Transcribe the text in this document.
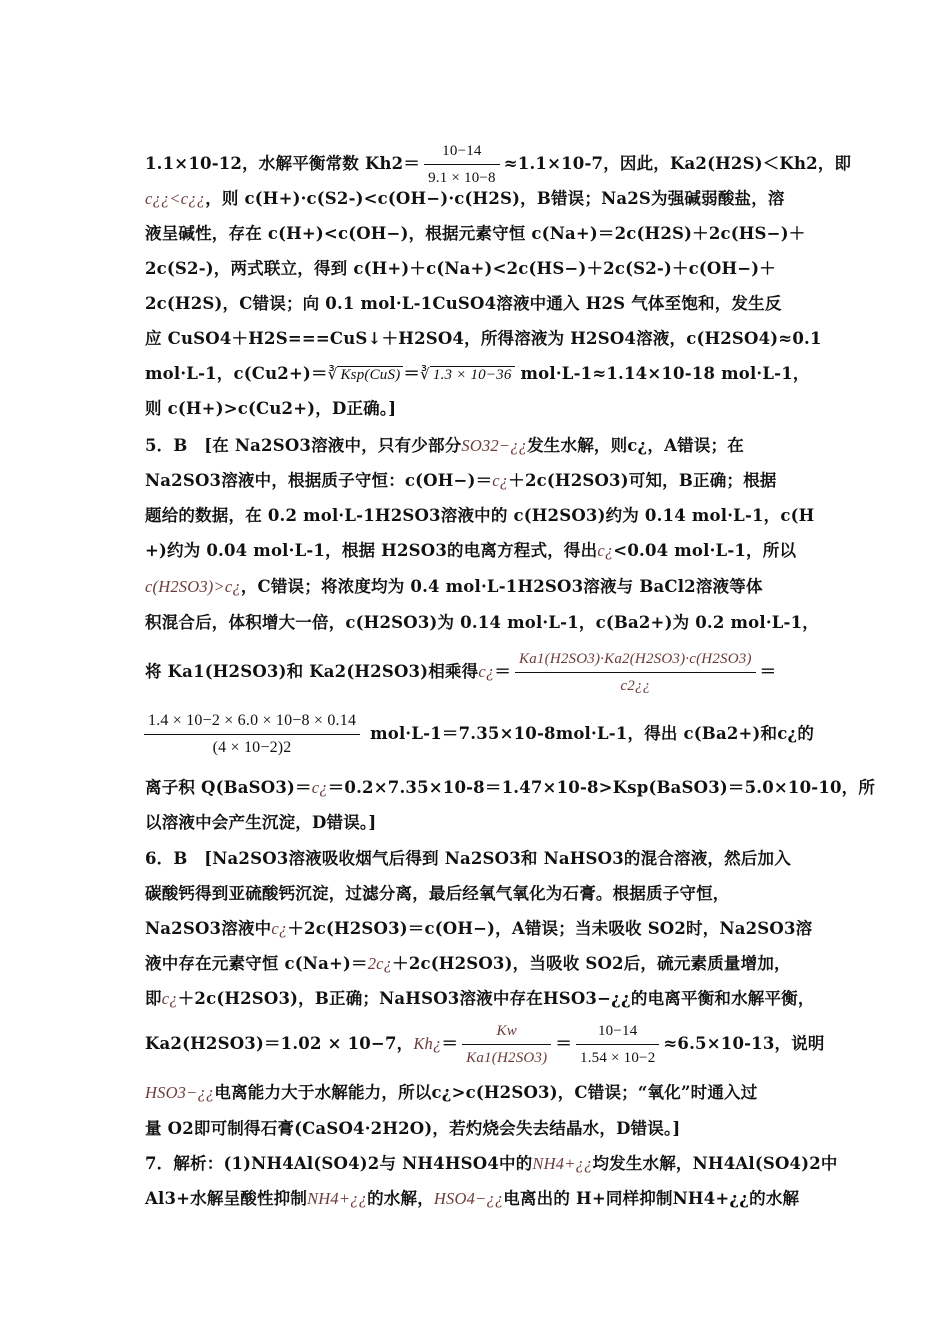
1.1×10-12，水解平衡常数 $Kh2= \frac{10-14}{9.1 \times 10-8} \approx 1.1\times 10-7$，因此，Ka2(H2S)＜Kh2，即
c¿¿<c¿¿，则 c(H+)·c(S2-)<c(OH−)·c(H2S)，B错误；Na2S为强碱弱酸盐，溶
液呈碱性，存在 c(H+)<c(OH−)，根据元素守恒 c(Na+)＝2c(H2S)＋2c(HS−)＋
2c(S2-)，两式联立，得到 c(H+)＋c(Na+)<2c(HS−)＋2c(S2-)＋c(OH−)＋
2c(H2S)，C错误；向 0.1 mol·L-1CuSO4溶液中通入 H2S 气体至饱和，发生反
应 CuSO4＋H2S===CuS↓＋H2SO4，所得溶液为 H2SO4溶液，c(H2SO4)≈0.1
mol·L-1，c(Cu2+)＝∛ Ksp(CuS) ＝∛ 1.3 × 10−36 mol·L-1≈1.14×10-18 mol·L-1，
则 c(H+)>c(Cu2+)，D正确。]
5．B　[在 Na2SO3溶液中，只有少部分SO32−¿¿发生水解，则c¿，A错误；在
Na2SO3溶液中，根据质子守恒：c(OH−)＝c¿＋2c(H2SO3)可知，B正确；根据
题给的数据，在 0.2 mol·L-1H2SO3溶液中的 c(H2SO3)约为 0.14 mol·L-1，c(H
+)约为 0.04 mol·L-1，根据 H2SO3的电离方程式，得出c¿<0.04 mol·L-1，所以
c(H2SO3)>c¿，C错误；将浓度均为 0.4 mol·L-1H2SO3溶液与 BaCl2溶液等体
积混合后，体积增大一倍，c(H2SO3)为 0.14 mol·L-1，c(Ba2+)为 0.2 mol·L-1，
将 Ka1(H2SO3)和 Ka2(H2SO3)相乘得c¿＝ $\frac{Ka1(H2SO3)\cdot Ka2(H2SO3)\cdot c(H2SO3)}{c2¿¿}$ ＝
$\frac{1.4 \times 10-2 \times 6.0 \times 10-8 \times 0.14}{(4 \times 10-2)2} mol\cdot L-1=7.35\times 10-8mol\cdot L-1$，得出 c(Ba2+)和c¿的
离子积 Q(BaSO3)＝c¿＝0.2×7.35×10-8＝1.47×10-8>Ksp(BaSO3)＝5.0×10-10，所
以溶液中会产生沉淀，D错误。]
6．B　[Na2SO3溶液吸收烟气后得到 Na2SO3和 NaHSO3的混合溶液，然后加入
碳酸钙得到亚硫酸钙沉淀，过滤分离，最后经氧气氧化为石膏。根据质子守恒，
Na2SO3溶液中c¿＋2c(H2SO3)＝c(OH−)，A错误；当未吸收 SO2时，Na2SO3溶
液中存在元素守恒 c(Na+)＝2c¿＋2c(H2SO3)，当吸收 SO2后，硫元素质量增加，
即c¿＋2c(H2SO3)，B正确；NaHSO3溶液中存在HSO3−¿¿的电离平衡和水解平衡，
Ka2(H2SO3)＝1.02 × 10−7，Kh¿＝ $\frac{Kw}{Ka1(H2SO3)} = \frac{10-14}{1.54 \times 10-2} \approx 6.5\times 10-13$，说明
HSO3−¿¿电离能力大于水解能力，所以c¿>c(H2SO3)，C错误；“氧化”时通入过
量 O2即可制得石膏(CaSO4·2H2O)，若灼烧会失去结晶水，D错误。]
7．解析：(1)NH4Al(SO4)2与 NH4HSO4中的NH4+¿¿均发生水解，NH4Al(SO4)2中
Al3+水解呈酸性抑制NH4+¿¿的水解，HSO4−¿¿电离出的 H+同样抑制NH4+¿¿的水解
